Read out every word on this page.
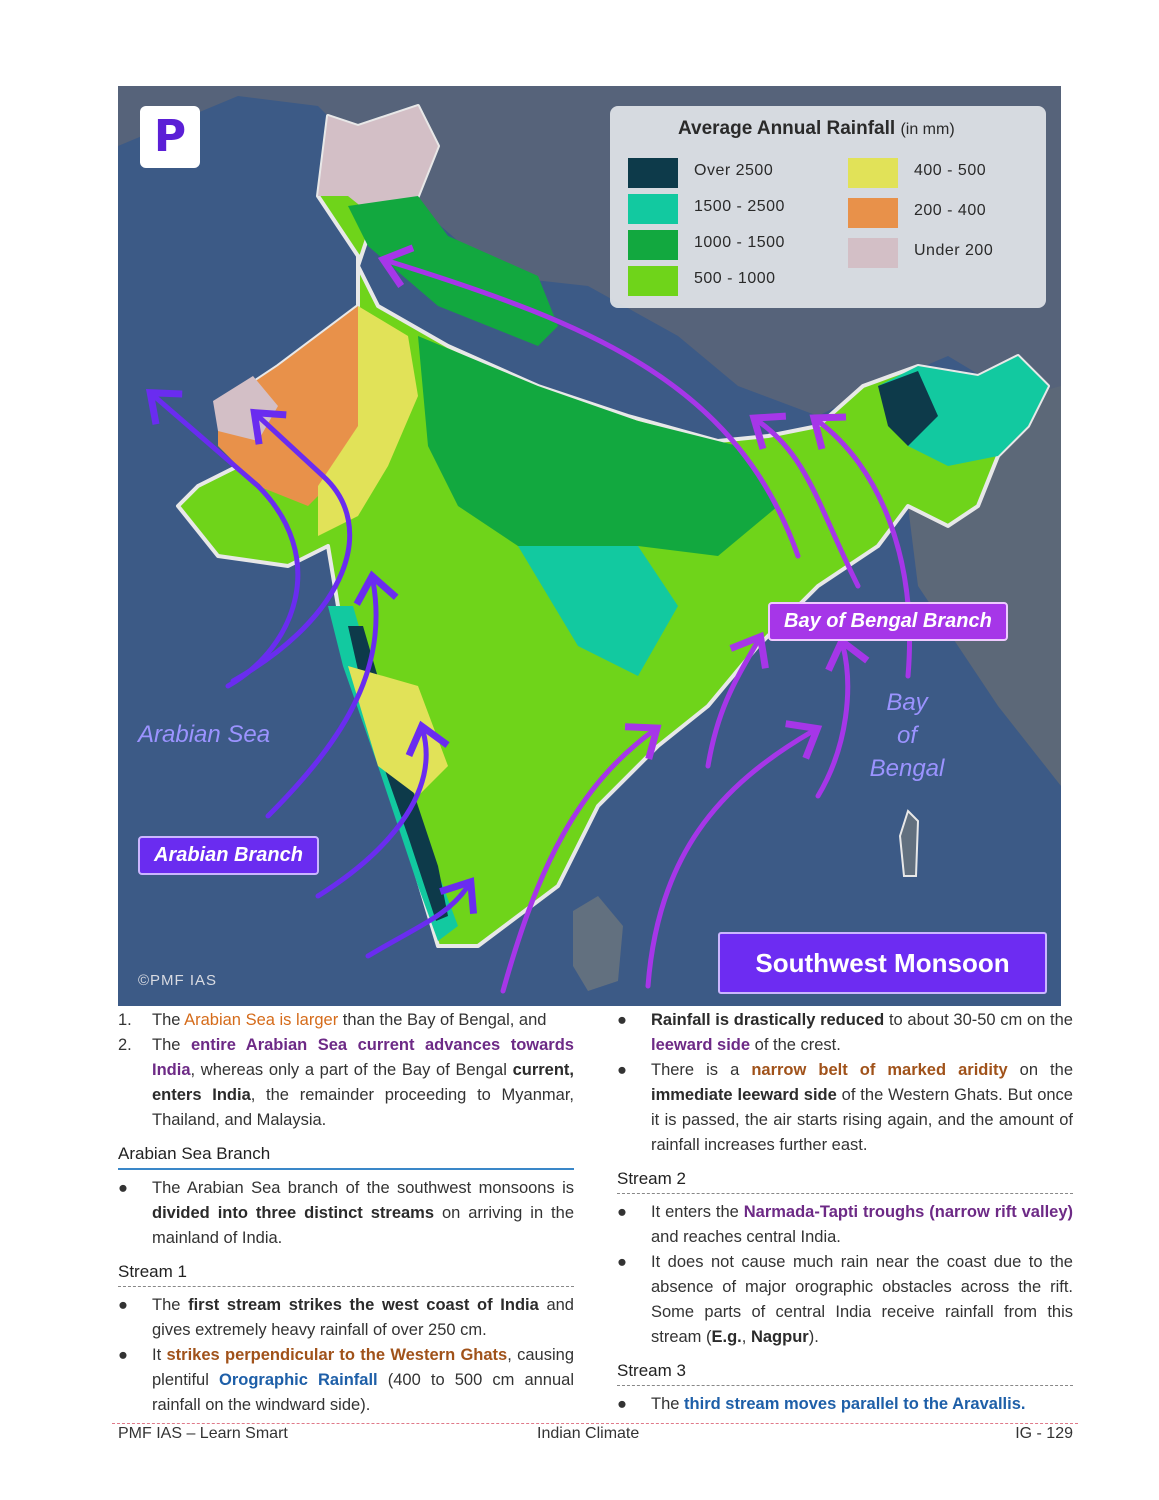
P	Average Annual Rainfall (in mm)
Over 2500
1500 - 2500
1000 - 1500
500 - 1000
400 - 500
200 - 400
Under 200
Arabian Sea
Bay
of
Bengal
Arabian Branch
Bay of Bengal Branch
Southwest Monsoon
©PMF IAS
1. The Arabian Sea is larger than the Bay of Bengal, and
2. The entire Arabian Sea current advances towards India, whereas only a part of the Bay of Bengal current, enters India, the remainder proceeding to Myanmar, Thailand, and Malaysia.
Arabian Sea Branch
● The Arabian Sea branch of the southwest monsoons is divided into three distinct streams on arriving in the mainland of India.
Stream 1
● The first stream strikes the west coast of India and gives extremely heavy rainfall of over 250 cm.
● It strikes perpendicular to the Western Ghats, causing plentiful Orographic Rainfall (400 to 500 cm annual rainfall on the windward side).
● Rainfall is drastically reduced to about 30-50 cm on the leeward side of the crest.
● There is a narrow belt of marked aridity on the immediate leeward side of the Western Ghats. But once it is passed, the air starts rising again, and the amount of rainfall increases further east.
Stream 2
● It enters the Narmada-Tapti troughs (narrow rift valley) and reaches central India.
● It does not cause much rain near the coast due to the absence of major orographic obstacles across the rift. Some parts of central India receive rainfall from this stream (E.g., Nagpur).
Stream 3
● The third stream moves parallel to the Aravallis.
PMF IAS – Learn Smart	Indian Climate	IG - 129
